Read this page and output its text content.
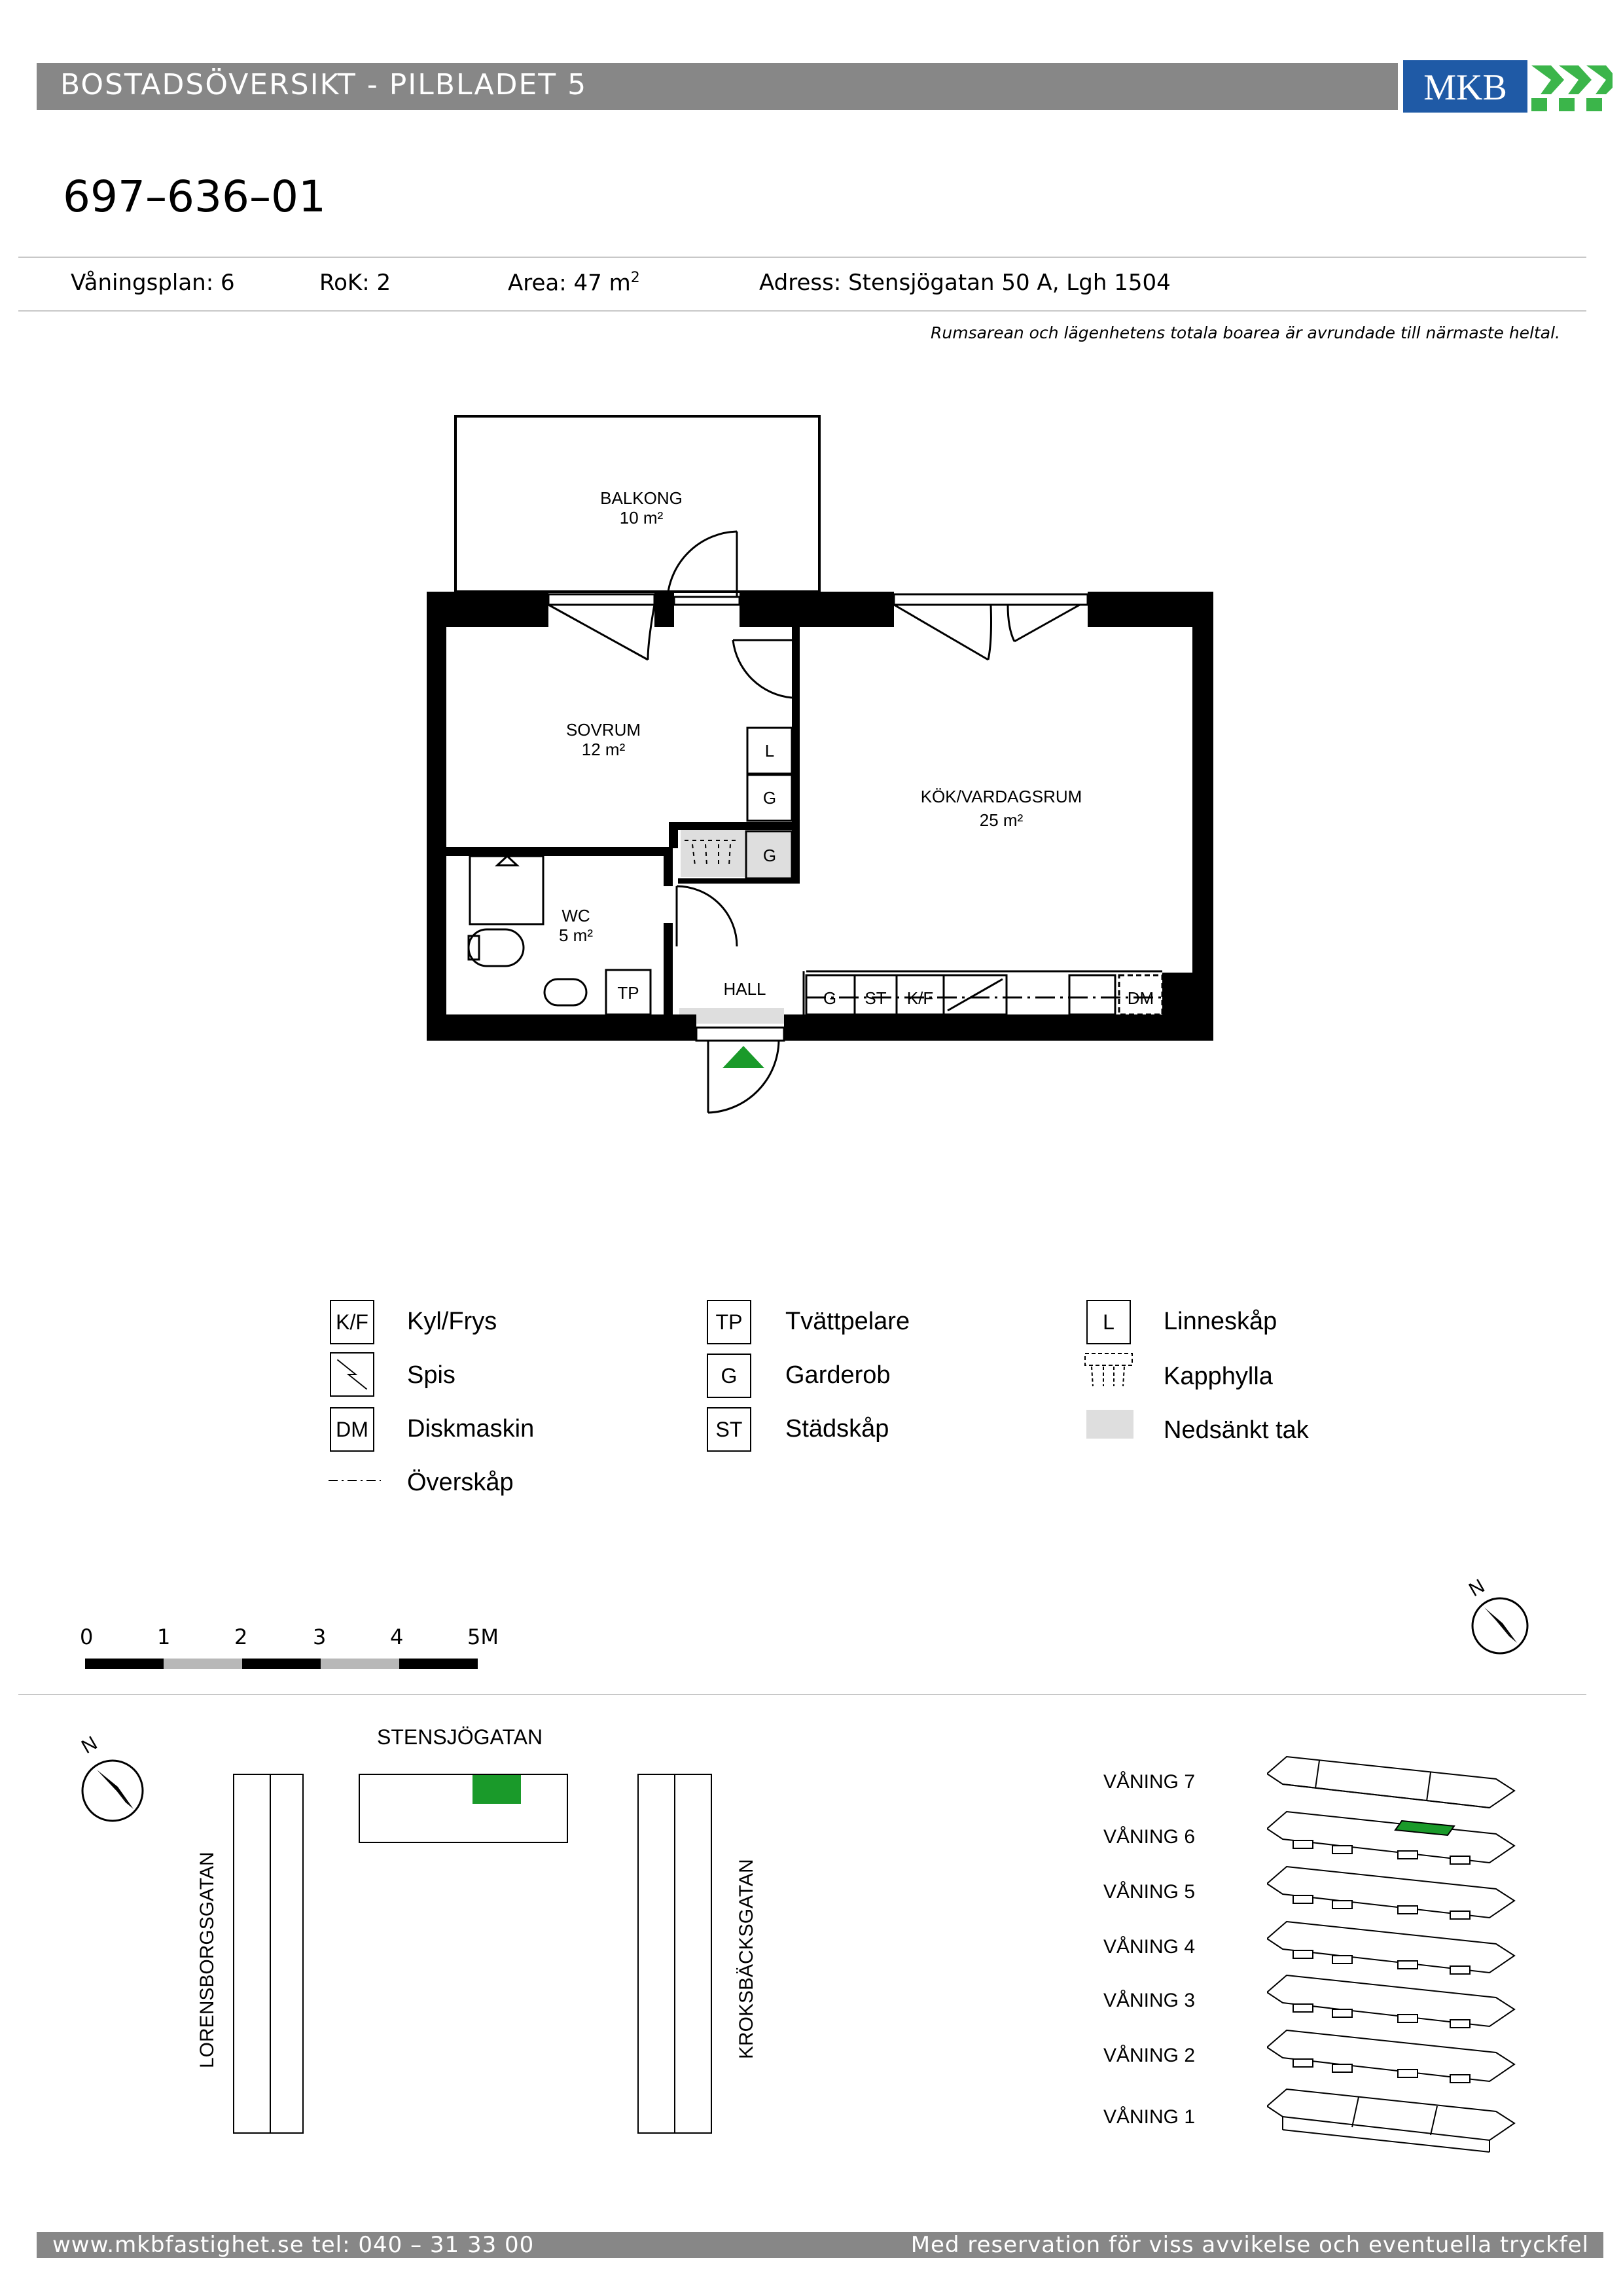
BOSTADSÖVERSIKT - PILBLADET 5	MKB
697–636–01
Våningsplan: 6	RoK: 2	Area: 47 $m^2$	Adress: Stensjögatan 50 A, Lgh 1504
Rumsarean och lägenhetens totala boarea är avrundade till närmaste heltal.
BALKONG
10 m²
SOVRUM
12 m²
KÖK/VARDAGSRUM
25 m²
WC
5 m²
HALL
L
G
G
TP	G ST K/F	DM
K/F Kyl/Frys
Spis
DM Diskmaskin
Överskåp
TP	Tvättpelare
G	Garderob
ST	Städskåp
L	Linneskåp
Kapphylla
Nedsänkt tak
0	1	2	3	4	5M
N
STENSJÖGATAN
N
LORENSBORGSGATAN	KROKSBÄCKSGATAN
VÅNING 7
VÅNING 6
VÅNING 5
VÅNING 4
VÅNING 3
VÅNING 2
VÅNING 1
www.mkbfastighet.se tel: 040 – 31 33 00	Med reservation för viss avvikelse och eventuella tryckfel
